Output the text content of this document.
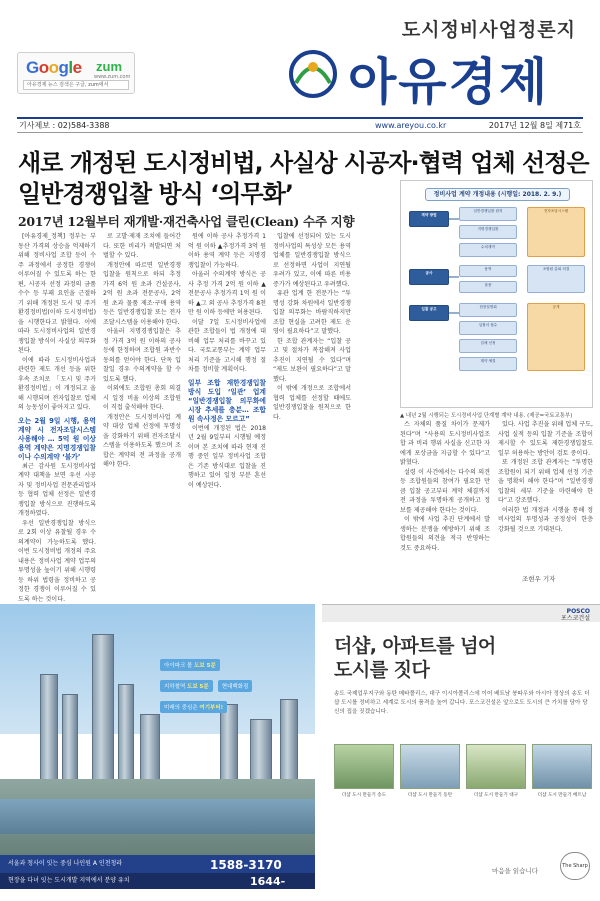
Google zum
www.zum.com
아유경제 뉴스 검색은 구글, zum에서
도시정비사업정론지
아유경제
기사제보 : 02)584-3388	www.areyou.co.kr	2017년 12월 8일 제71호
새로 개정된 도시정비법, 사실상 시공자·협력 업체 선정은
일반경쟁입찰 방식 ‘의무화’
2017년 12월부터 재개발·재건축사업 클린(Clean) 수주 지향

[아유경제_정책] 정부는 부동산 가격의 상승을 억제하기 위해 정비사업 조합 등이 수주 과정에서 공정한 경쟁이 이루어질 수 있도록 하는 한편, 시공자 선정 과정의 금품 수수 등 부패 요인을 근절하기 위해 개정된 도시 및 주거환경정비법(이하 도시정비법)을 시행한다고 밝혔다. 이에 따라 도시정비사업의 일반경쟁입찰 방식이 사실상 의무화된다.

이에 따라 도시정비사업과 관련한 제도 개선 등을 위한 후속 조치로 「도시 및 주거환경정비법」이 개정되고 올해 시행되며 전자입찰로 업체의 능동성이 좋아지고 있다.

오는 2월 9일 시행, 용역 계약 시 전자조달시스템 사용해야 … 5억 원 이상 용역 계약은 지명경쟁입찰이나 수의계약 ‘불가’

최근 감사원 도시정비사업 계약 대책을 보면 우선 시공자 및 정비사업 전문관리업자 등 협력 업체 선정은 일반경쟁입찰 방식으로 진행하도록 개정하였다.

우선 일반경쟁입찰 방식으로 2회 이상 유찰될 경우 수의계약이 가능하도록 했다. 이번 도시정비법 개정의 주요 내용은 정비사업 계약 업무의 투명성을 높이기 위해 시행령 등 하위 법령을 정비하고 공정한 경쟁이 이루어질 수 있도록 하는 것이다.

로 고발·제재 조치에 들어간다. 또한 비리가 적발되면 처벌할 수 있다.

개정안에 따르면 일반경쟁입찰을 원칙으로 하되 추정 가격 6억 원 초과 건설공사, 2억 원 초과 전문공사, 2억 원 초과 물품 제조·구매 용역 등은 일반경쟁입찰 또는 전자조달시스템을 이용해야 한다.

아울러 지명경쟁입찰은 추정 가격 3억 원 이하의 공사 등에 한정하며 조합원 과반수 동의를 얻어야 한다. 단독 입찰일 경우 수의계약을 할 수 있도록 했다.

이외에도 조합원 총회 의결 시 일정 비율 이상의 조합원이 직접 출석해야 한다.

개정안은 도시정비사업 계약 대상 업체 선정에 투명성을 강화하기 위해 전자조달시스템을 이용하도록 했으며 조합은 계약의 전 과정을 공개해야 한다.

원에 이하 공사 추정가격 1억 원 이하 ▲추정가격 3억 원 이하 용역 계약 등은 지명경쟁입찰이 가능하다.

아울러 수의계약 방식은 공사 추정 가격 2억 원 이하 ▲전문공사 추정가격 1억 원 이하 ▲그 외 공사 추정가격 8천만 원 이하 등에만 허용된다.

이달 7일 도시정비사업에 관한 조합들이 법 개정에 대비해 업무 처리를 바꾸고 있다. 국토교통부는 계약 업무 처리 기준을 고시해 행정 절차를 정비할 계획이다.

일부 조합 재한경쟁입찰 방식 도입 ‘일관’ 업계 “일반경쟁입찰 의무화에 시장 추세를 충분… 조합원 속사정은 모르고”

이번에 개정된 법은 2018년 2월 9일부터 시행될 예정이며 본 조치에 따라 현재 진행 중인 일부 정비사업 조합은 기존 방식대로 입찰을 진행하고 있어 일정 부분 혼선이 예상된다.

입찰에 선정되어 있는 도시정비사업의 특성상 모든 용역 업체를 일반경쟁입찰 방식으로 선정하면 사업이 지연될 우려가 있고, 이에 따른 비용 증가가 예상된다고 우려했다.

유관 업계 한 전문가는 “투명성 강화 차원에서 일반경쟁입찰 의무화는 바람직하지만 조합 현실을 고려한 제도 운영이 필요하다”고 말했다.

한 조합 관계자는 “입찰 공고 및 절차가 복잡해져 사업 추진이 지연될 수 있다”며 “제도 보완이 필요하다”고 말했다.

이 밖에 개정으로 조합에서 협력 업체를 선정할 때에도 일반경쟁입찰을 원칙으로 한다.

스 자체의 품질 차이가 문제가 된다”며 “사용의 도시정비사업조합 과 비리 행위 사실을 신고한 자에게 포상금을 지급할 수 있다”고 밝혔다.

설령 이 사건에서는 다수의 의견 등 조합원들의 참여가 필요한 만큼 입찰 공고부터 계약 체결까지 전 과정을 투명하게 공개하고 정보를 제공해야 한다는 것이다.

이 밖에 사업 추진 단계에서 발생하는 분쟁을 예방하기 위해 조합원들의 의견을 적극 반영하는 것도 중요하다.

있다. 사업 추진을 위해 업체 구도, 사업 실적 등의 입찰 기준을 조합이 제시할 수 있도록 제한경쟁입찰도 일부 허용하는 방안이 검토 중이다.

또 개정된 조합 관계자는 “투명한 조합원이 되기 위해 업체 선정 기준을 명확히 해야 한다”며 “일반경쟁입찰의 세부 기준을 마련해야 한다”고 강조했다.

이러한 법 개정과 시행을 통해 정비사업의 투명성과 공정성이 한층 강화될 것으로 기대된다.

조현우 기자
정비사업 계약 개정내용 (시행일: 2018. 2. 9.)
계약 방법
일반경쟁입찰 원칙
지명경쟁입찰
수의계약
전자조달시스템
공사
용역
물품
조합원 총회 의결
입찰 공고	현장설명회
입찰서 접수
업체 선정
계약 체결
공개
▲ 내년 2월 시행되는 도시정비사업 단계별 계약 내용. (제공=국토교통부)
아이파크 몰 도보 5분 지하철역 도보 5분 현대백화점 미래의 중심은 여기부터!
서울과 청사이 잇는 중심 나인원 A 인천청라	1588-3170
현장을 다녀 잇는 도시개발 지역에서 분양 유치	1644-0087
POSCO
포스코건설
더샵, 아파트를 넘어
도시를 짓다
송도 국제업무지구와 동탄 메타폴리스, 대구 이시아폴리스에 이어 베트남 붕따우와 아시아 정상의 송도 더샵 도시를 정비하고 세계로 도시의 품격을 높여 갑니다. 포스코건설은 앞으로도 도시의 큰 가치를 담아 당신의 집을 짓겠습니다.
더샵 도시 만들기 송도	더샵 도시 만들기 동탄	더샵 도시 만들기 대구	더샵 도시 만들기 베트남
마음을 읽습니다
The Sharp
